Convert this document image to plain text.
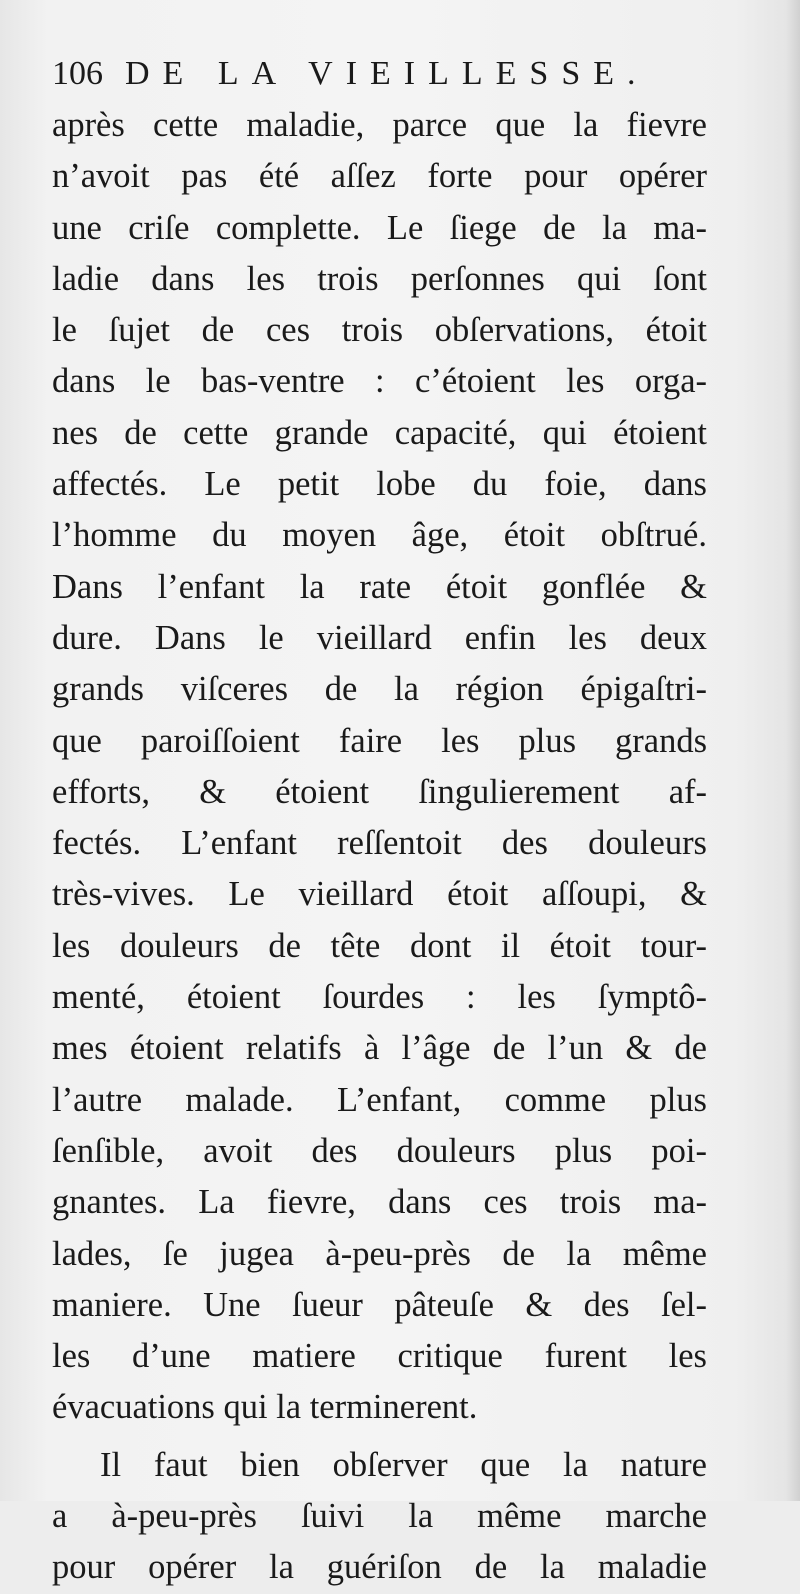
106 DE LA VIEILLESSE.
après cette maladie, parce que la fievre
n’avoit pas été aſſez forte pour opérer
une criſe complette. Le ſiege de la ma-
ladie dans les trois perſonnes qui ſont
le ſujet de ces trois obſervations, étoit
dans le bas-ventre : c’étoient les orga-
nes de cette grande capacité, qui étoient
affectés. Le petit lobe du foie, dans
l’homme du moyen âge, étoit obſtrué.
Dans l’enfant la rate étoit gonflée &
dure. Dans le vieillard enfin les deux
grands viſceres de la région épigaſtri-
que paroiſſoient faire les plus grands
efforts, & étoient ſingulierement af-
fectés. L’enfant reſſentoit des douleurs
très-vives. Le vieillard étoit aſſoupi, &
les douleurs de tête dont il étoit tour-
menté, étoient ſourdes : les ſymptô-
mes étoient relatifs à l’âge de l’un & de
l’autre malade. L’enfant, comme plus
ſenſible, avoit des douleurs plus poi-
gnantes. La fievre, dans ces trois ma-
lades, ſe jugea à-peu-près de la même
maniere. Une ſueur pâteuſe & des ſel-
les d’une matiere critique furent les
évacuations qui la terminerent.
Il faut bien obſerver que la nature
a à-peu-près ſuivi la même marche
pour opérer la guériſon de la maladie
